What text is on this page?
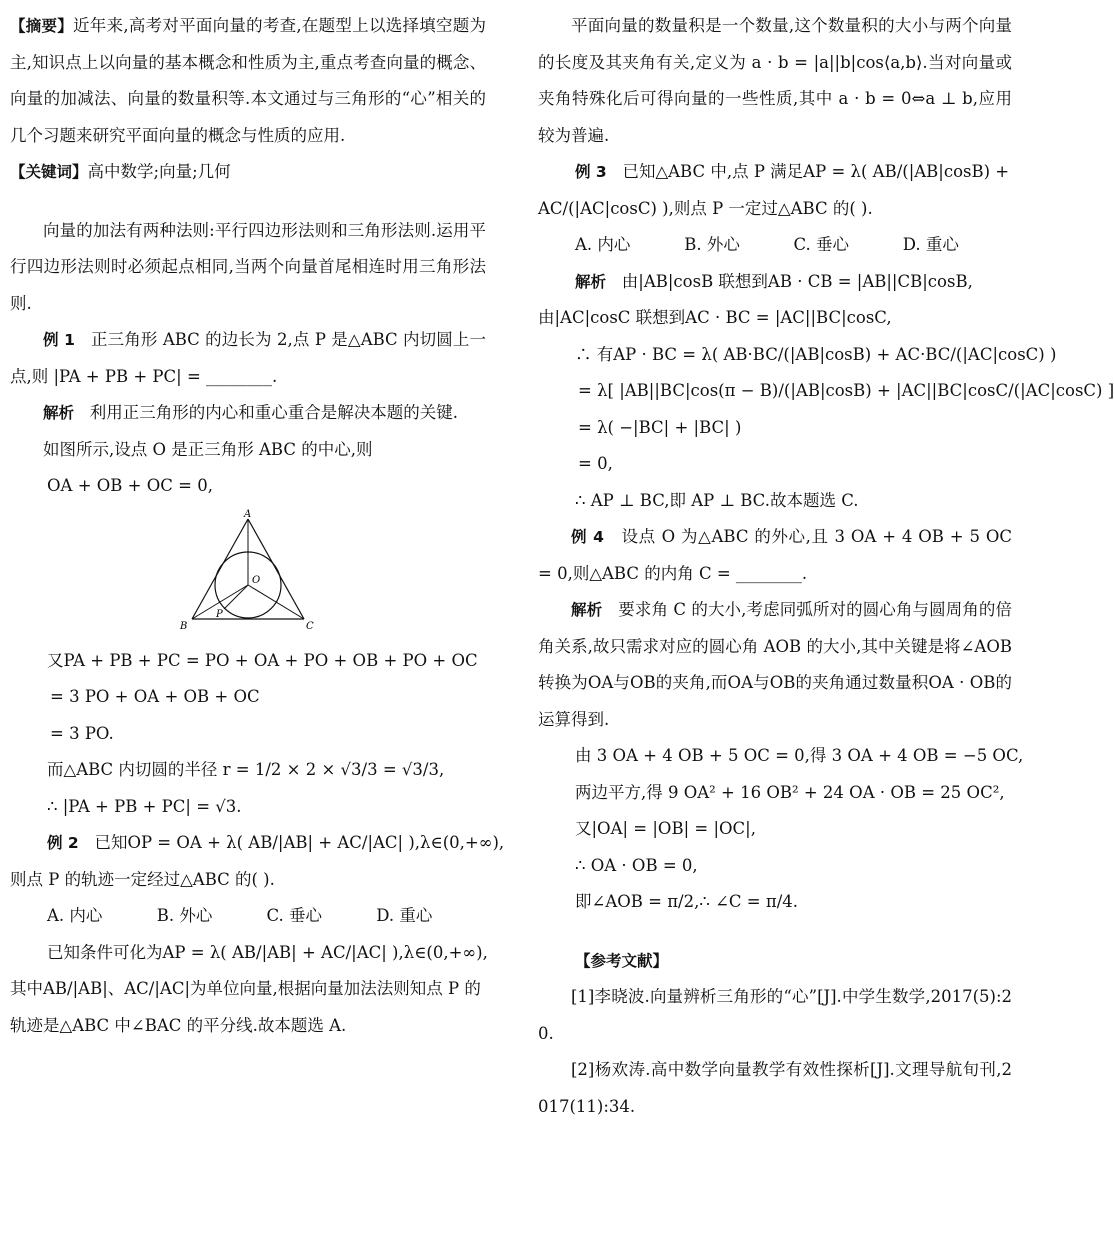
【摘要】近年来,高考对平面向量的考查,在题型上以选择填空题为主,知识点上以向量的基本概念和性质为主,重点考查向量的概念、向量的加减法、向量的数量积等.本文通过与三角形的“心”相关的几个习题来研究平面向量的概念与性质的应用.

【关键词】高中数学;向量;几何

向量的加法有两种法则:平行四边形法则和三角形法则.运用平行四边形法则时必须起点相同,当两个向量首尾相连时用三角形法则.

例 1 正三角形 ABC 的边长为 2,点 P 是△ABC 内切圆上一点,则 |PA + PB + PC| = ________.

解析 利用正三角形的内心和重心重合是解决本题的关键.

如图所示,设点 O 是正三角形 ABC 的中心,则

OA + OB + OC = 0,

A
B	C
O
P

又PA + PB + PC = PO + OA + PO + OB + PO + OC

= 3 PO + OA + OB + OC

= 3 PO.

而△ABC 内切圆的半径 r = 1/2 × 2 × √3/3 = √3/3,

∴ |PA + PB + PC| = √3.

例 2 已知OP = OA + λ( AB/|AB| + AC/|AC| ),λ∈(0,+∞),

则点 P 的轨迹一定经过△ABC 的( ).

A. 内心	B. 外心	C. 垂心	D. 重心

已知条件可化为AP = λ( AB/|AB| + AC/|AC| ),λ∈(0,+∞),

其中AB/|AB|、AC/|AC|为单位向量,根据向量加法法则知点 P 的

轨迹是△ABC 中∠BAC 的平分线.故本题选 A.

平面向量的数量积是一个数量,这个数量积的大小与两个向量的长度及其夹角有关,定义为 a · b = |a||b|cos⟨a,b⟩.当对向量或夹角特殊化后可得向量的一些性质,其中 a · b = 0⇔a ⊥ b,应用较为普遍.

例 3 已知△ABC 中,点 P 满足AP = λ( AB/(|AB|cosB) +

AC/(|AC|cosC) ),则点 P 一定过△ABC 的( ).

A. 内心	B. 外心	C. 垂心	D. 重心

解析 由|AB|cosB 联想到AB · CB = |AB||CB|cosB,

由|AC|cosC 联想到AC · BC = |AC||BC|cosC,

∴ 有AP · BC = λ( AB·BC/(|AB|cosB) + AC·BC/(|AC|cosC) )

= λ[ |AB||BC|cos(π − B)/(|AB|cosB) + |AC||BC|cosC/(|AC|cosC) ]

= λ( −|BC| + |BC| )

= 0,

∴ AP ⊥ BC,即 AP ⊥ BC.故本题选 C.

例 4 设点 O 为△ABC 的外心,且 3 OA + 4 OB + 5 OC = 0,则△ABC 的内角 C = ________.

解析 要求角 C 的大小,考虑同弧所对的圆心角与圆周角的倍角关系,故只需求对应的圆心角 AOB 的大小,其中关键是将∠AOB 转换为OA与OB的夹角,而OA与OB的夹角通过数量积OA · OB的运算得到.

由 3 OA + 4 OB + 5 OC = 0,得 3 OA + 4 OB = −5 OC,

两边平方,得 9 OA² + 16 OB² + 24 OA · OB = 25 OC²,

又|OA| = |OB| = |OC|,

∴ OA · OB = 0,

即∠AOB = π/2,∴ ∠C = π/4.

【参考文献】

[1]李晓波.向量辨析三角形的“心”[J].中学生数学,2017(5):20.

[2]杨欢涛.高中数学向量教学有效性探析[J].文理导航旬刊,2017(11):34.
